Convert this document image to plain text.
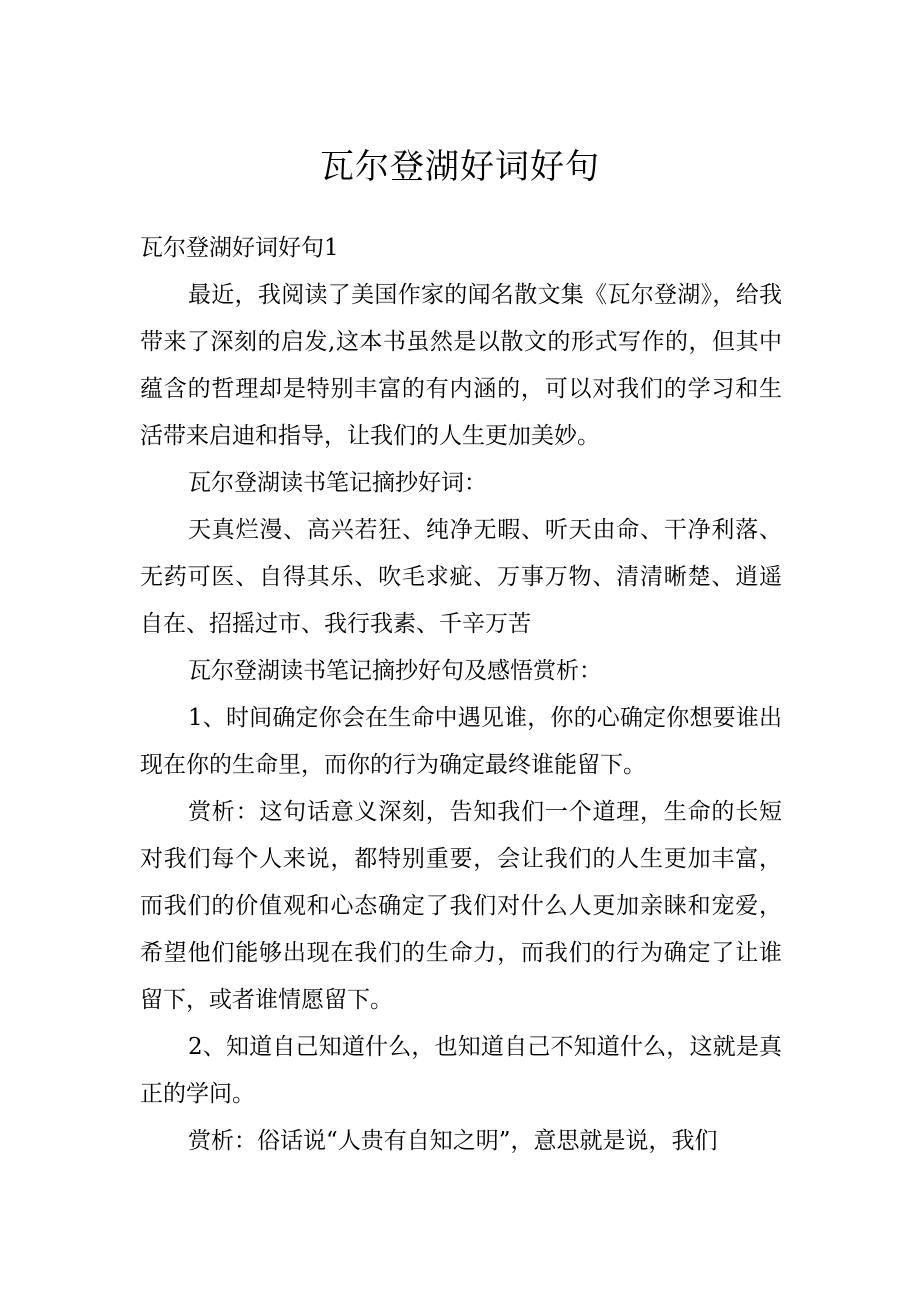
瓦尔登湖好词好句

瓦尔登湖好词好句1

最近，我阅读了美国作家的闻名散文集《瓦尔登湖》，给我带来了深刻的启发,这本书虽然是以散文的形式写作的，但其中蕴含的哲理却是特别丰富的有内涵的，可以对我们的学习和生活带来启迪和指导，让我们的人生更加美妙。

瓦尔登湖读书笔记摘抄好词：

天真烂漫、高兴若狂、纯净无暇、听天由命、干净利落、无药可医、自得其乐、吹毛求疵、万事万物、清清晰楚、逍遥自在、招摇过市、我行我素、千辛万苦

瓦尔登湖读书笔记摘抄好句及感悟赏析：

1、时间确定你会在生命中遇见谁，你的心确定你想要谁出现在你的生命里，而你的行为确定最终谁能留下。

赏析：这句话意义深刻，告知我们一个道理，生命的长短对我们每个人来说，都特别重要，会让我们的人生更加丰富，而我们的价值观和心态确定了我们对什么人更加亲睐和宠爱，希望他们能够出现在我们的生命力，而我们的行为确定了让谁留下，或者谁情愿留下。

2、知道自己知道什么，也知道自己不知道什么，这就是真正的学问。

赏析：俗话说“人贵有自知之明”，意思就是说，我们
